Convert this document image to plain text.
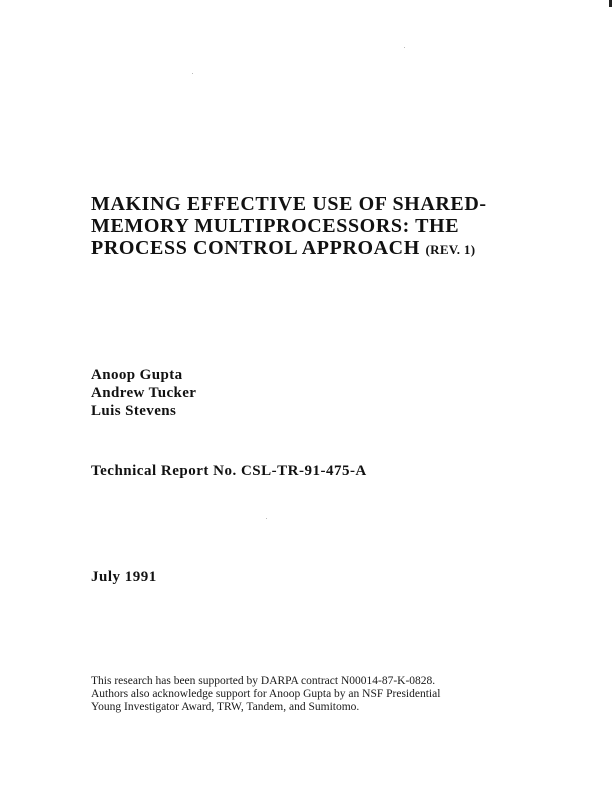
MAKING EFFECTIVE USE OF SHARED-
MEMORY MULTIPROCESSORS: THE
PROCESS CONTROL APPROACH (REV. 1)
Anoop Gupta
Andrew Tucker
Luis Stevens
Technical Report No. CSL-TR-91-475-A
July 1991
This research has been supported by DARPA contract N00014-87-K-0828.
Authors also acknowledge support for Anoop Gupta by an NSF Presidential
Young Investigator Award, TRW, Tandem, and Sumitomo.
